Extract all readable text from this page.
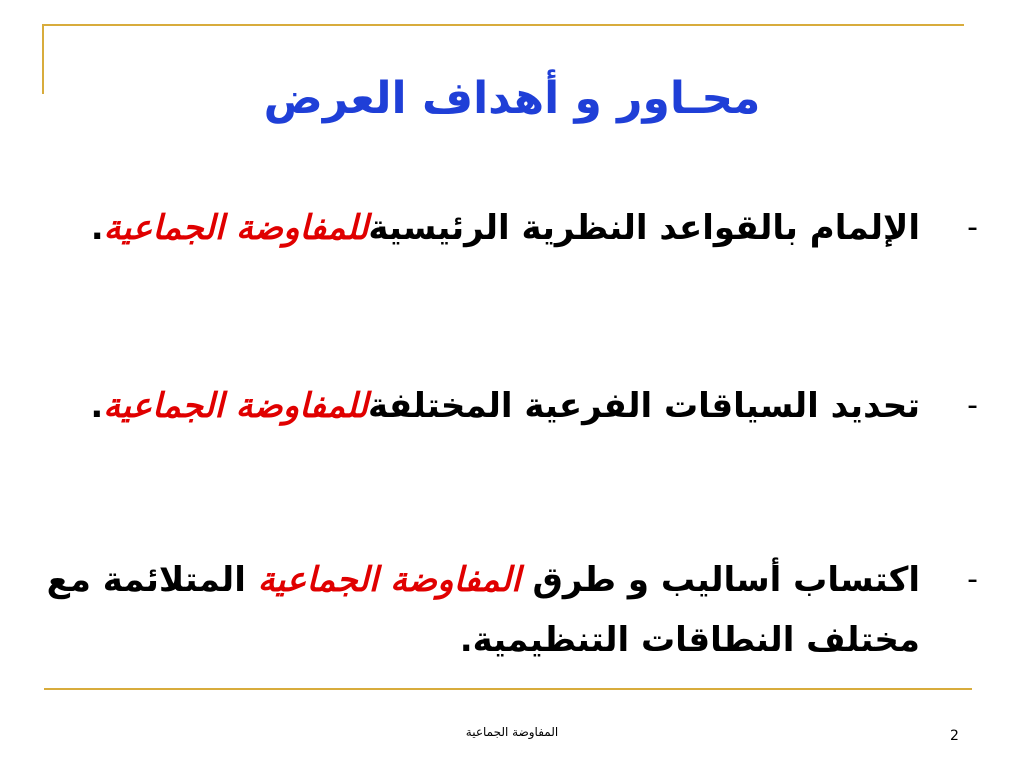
محـاور و أهداف العرض
-
الإلمام بالقواعد النظرية الرئيسيةللمفاوضة الجماعية.
-
تحديد السياقات الفرعية المختلفةللمفاوضة الجماعية.
-
اكتساب أساليب و طرق المفاوضة الجماعية المتلائمة مع مختلف النطاقات التنظيمية.
المفاوضة الجماعية	2
